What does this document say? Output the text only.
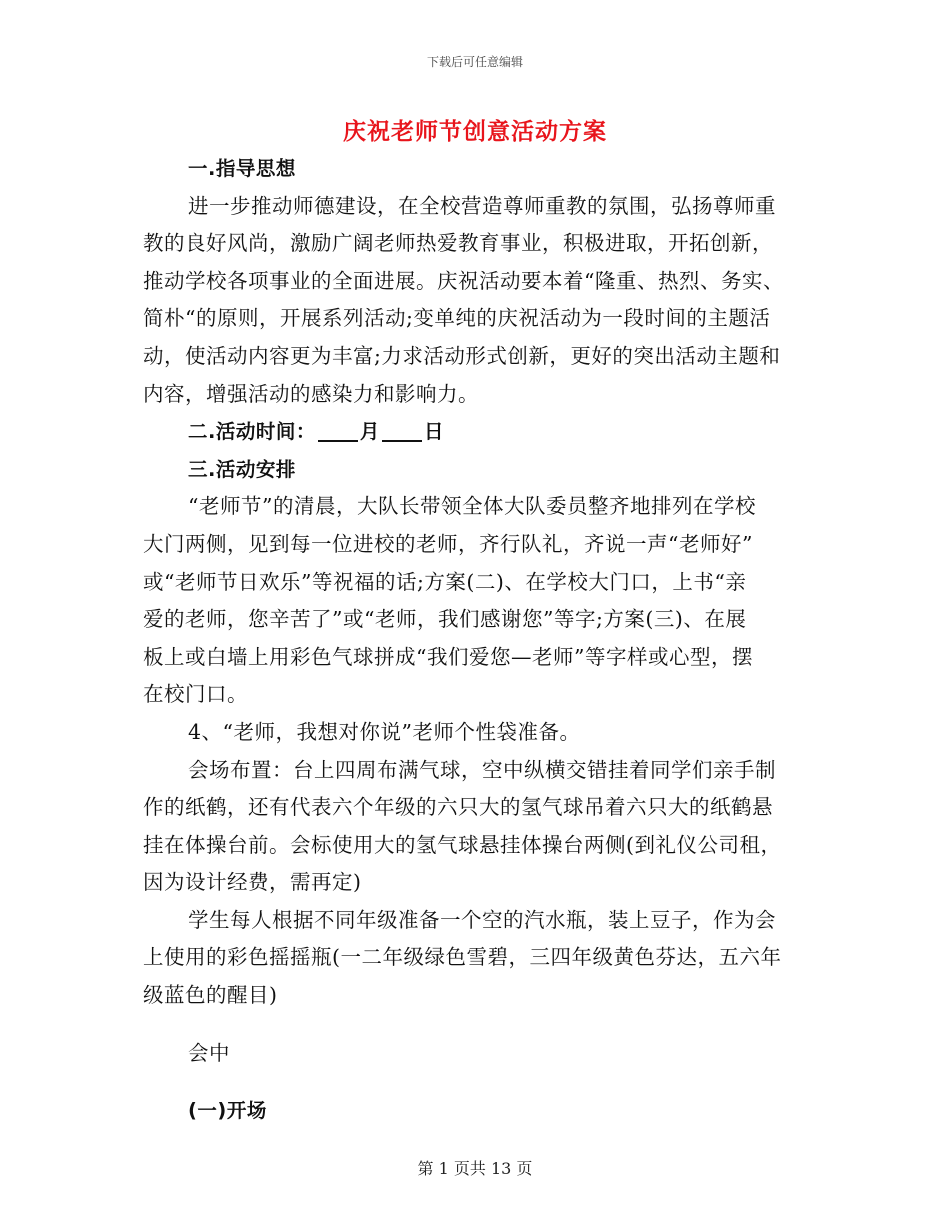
下载后可任意编辑
庆祝老师节创意活动方案
一.指导思想
进一步推动师德建设，在全校营造尊师重教的氛围，弘扬尊师重
教的良好风尚，激励广阔老师热爱教育事业，积极进取，开拓创新，
推动学校各项事业的全面进展。庆祝活动要本着“隆重、热烈、务实、
简朴“的原则，开展系列活动;变单纯的庆祝活动为一段时间的主题活
动，使活动内容更为丰富;力求活动形式创新，更好的突出活动主题和
内容，增强活动的感染力和影响力。
二.活动时间： 月 日
三.活动安排
“老师节”的清晨，大队长带领全体大队委员整齐地排列在学校
大门两侧，见到每一位进校的老师，齐行队礼，齐说一声“老师好”
或“老师节日欢乐”等祝福的话;方案(二)、在学校大门口，上书“亲
爱的老师，您辛苦了”或“老师，我们感谢您”等字;方案(三)、在展
板上或白墙上用彩色气球拼成“我们爱您—老师”等字样或心型，摆
在校门口。
4、“老师，我想对你说”老师个性袋准备。
会场布置：台上四周布满气球，空中纵横交错挂着同学们亲手制
作的纸鹤，还有代表六个年级的六只大的氢气球吊着六只大的纸鹤悬
挂在体操台前。会标使用大的氢气球悬挂体操台两侧(到礼仪公司租，
因为设计经费，需再定)
学生每人根据不同年级准备一个空的汽水瓶，装上豆子，作为会
上使用的彩色摇摇瓶(一二年级绿色雪碧，三四年级黄色芬达，五六年
级蓝色的醒目)
会中
(一)开场
第 1 页共 13 页
